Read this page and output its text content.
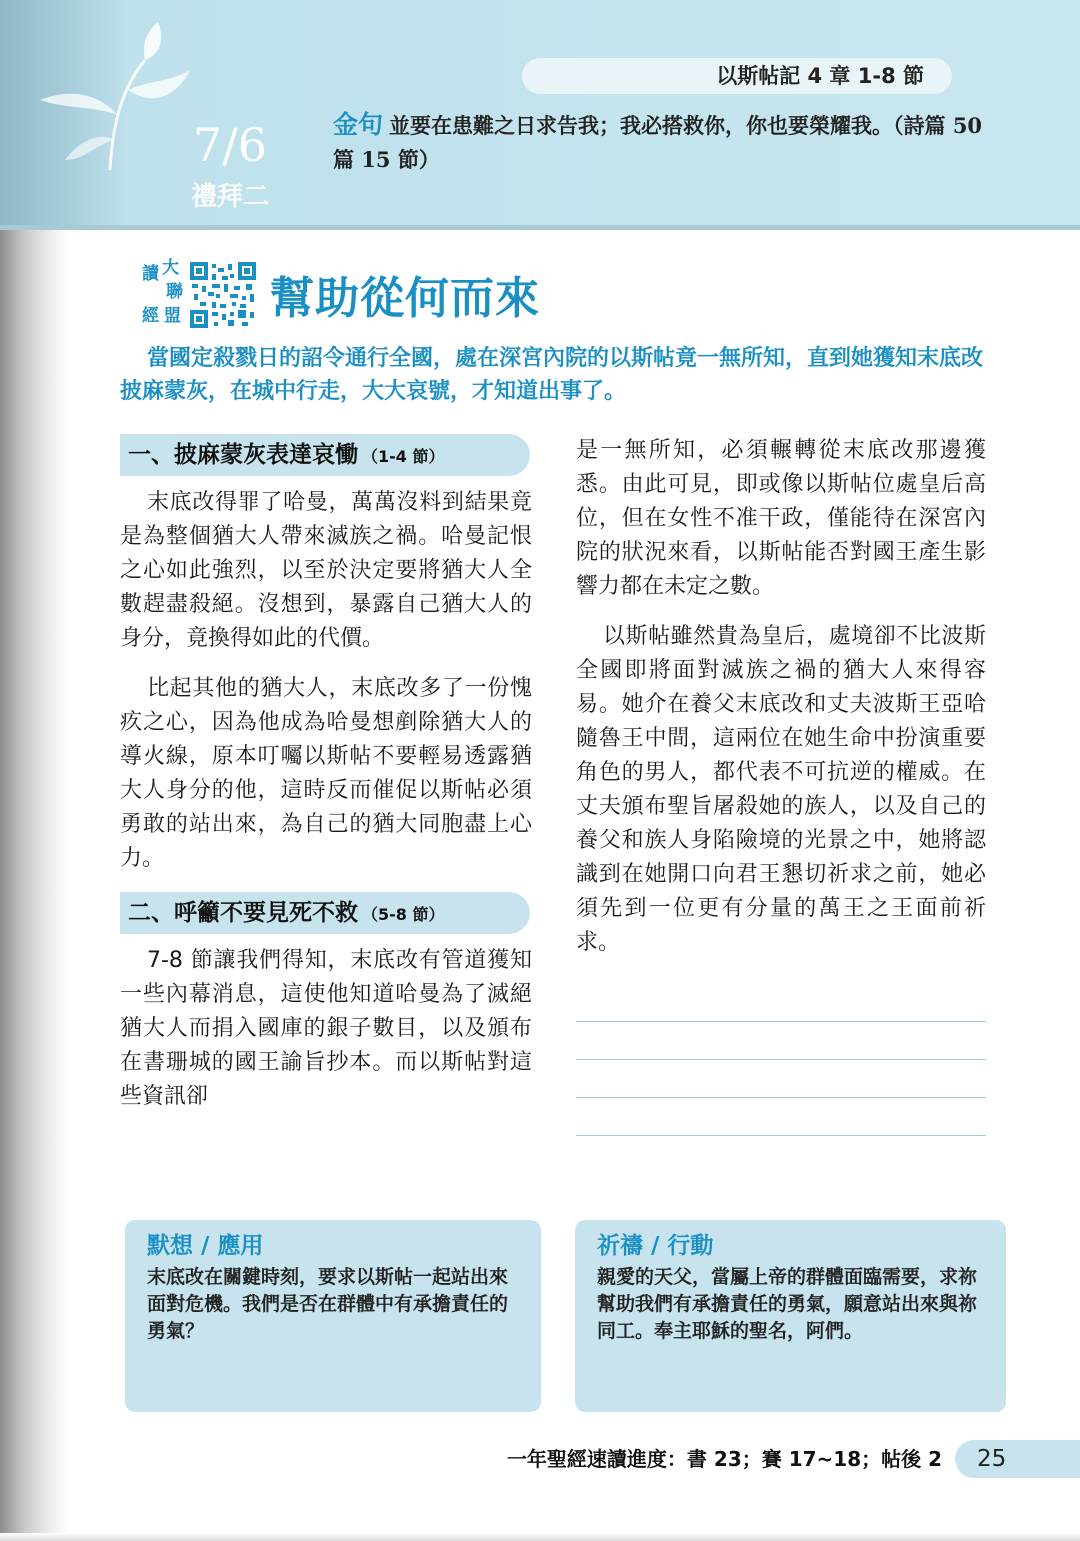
7/6
禮拜二
以斯帖記 4 章 1-8 節
金句 並要在患難之日求告我；我必搭救你，你也要榮耀我。（詩篇 50 篇 15 節）
讀 大
聯
經 盟 幫助從何而來

當國定殺戮日的詔令通行全國，處在深宮內院的以斯帖竟一無所知，直到她獲知末底改披麻蒙灰，在城中行走，大大哀號，才知道出事了。

一、披麻蒙灰表達哀慟 （1-4 節）

末底改得罪了哈曼，萬萬沒料到結果竟是為整個猶大人帶來滅族之禍。哈曼記恨之心如此強烈，以至於決定要將猶大人全數趕盡殺絕。沒想到，暴露自己猶大人的身分，竟換得如此的代價。

比起其他的猶大人，末底改多了一份愧疚之心，因為他成為哈曼想剷除猶大人的導火線，原本叮囑以斯帖不要輕易透露猶大人身分的他，這時反而催促以斯帖必須勇敢的站出來，為自己的猶大同胞盡上心力。

二、呼籲不要見死不救 （5-8 節）

7-8 節讓我們得知，末底改有管道獲知一些內幕消息，這使他知道哈曼為了滅絕猶大人而捐入國庫的銀子數目，以及頒布在書珊城的國王諭旨抄本。而以斯帖對這些資訊卻

是一無所知，必須輾轉從末底改那邊獲悉。由此可見，即或像以斯帖位處皇后高位，但在女性不准干政，僅能待在深宮內院的狀況來看，以斯帖能否對國王產生影響力都在未定之數。

以斯帖雖然貴為皇后，處境卻不比波斯全國即將面對滅族之禍的猶大人來得容易。她介在養父末底改和丈夫波斯王亞哈隨魯王中間，這兩位在她生命中扮演重要角色的男人，都代表不可抗逆的權威。在丈夫頒布聖旨屠殺她的族人，以及自己的養父和族人身陷險境的光景之中，她將認識到在她開口向君王懇切祈求之前，她必須先到一位更有分量的萬王之王面前祈求。

默想 / 應用
末底改在關鍵時刻，要求以斯帖一起站出來面對危機。我們是否在群體中有承擔責任的勇氣？
祈禱 / 行動
親愛的天父，當屬上帝的群體面臨需要，求祢幫助我們有承擔責任的勇氣，願意站出來與祢同工。奉主耶穌的聖名，阿們。
一年聖經速讀進度：書 23；賽 17~18；帖後 2	25
